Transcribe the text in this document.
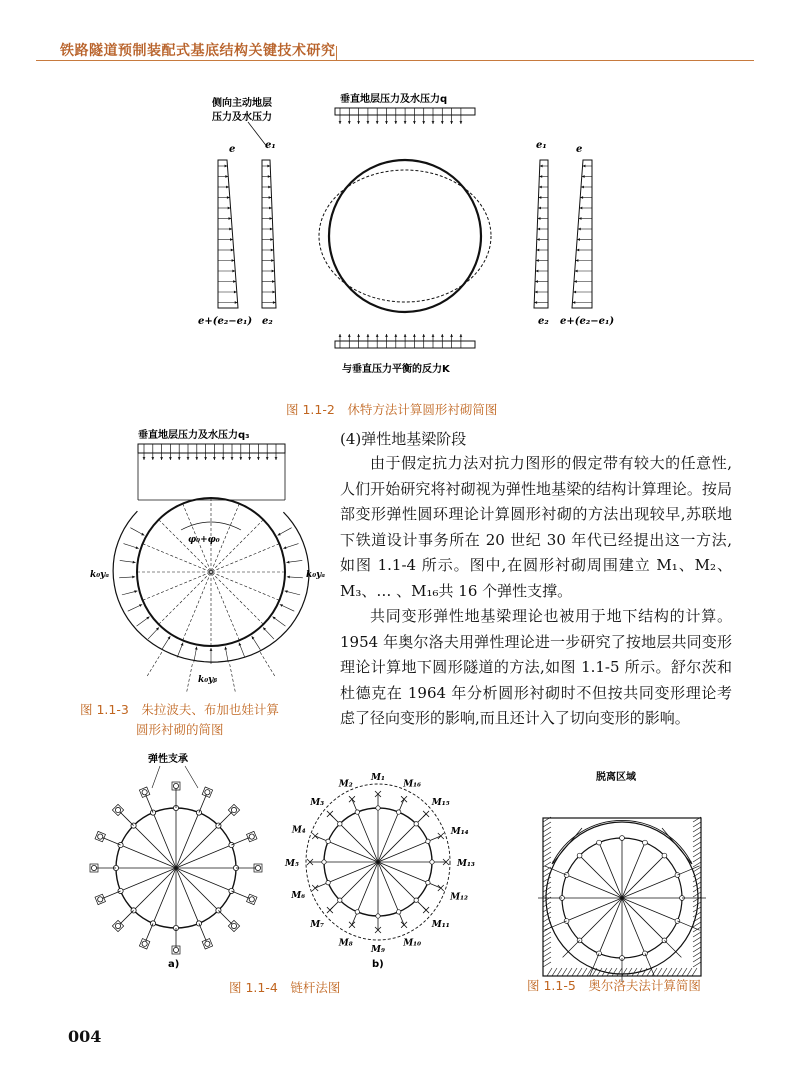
铁路隧道预制装配式基底结构关键技术研究
侧向主动地层
压力及水压力
垂直地层压力及水压力q
与垂直压力平衡的反力K
e	e₁
e+(e₂−e₁) e₂
e₁	e
e₂ e+(e₂−e₁)
图 1.1-2　休特方法计算圆形衬砌简图
垂直地层压力及水压力q₃
φ₀+φ₀
k₀yₐ	k₀yₐ
k₀yᵦ
图 1.1-3　朱拉波夫、布加也娃计算
圆形衬砌的简图
(4)弹性地基梁阶段

由于假定抗力法对抗力图形的假定带有较大的任意性,人们开始研究将衬砌视为弹性地基梁的结构计算理论。按局部变形弹性圆环理论计算圆形衬砌的方法出现较早,苏联地下铁道设计事务所在 20 世纪 30 年代已经提出这一方法,如图 1.1-4 所示。图中,在圆形衬砌周围建立 M₁、M₂、M₃、… 、M₁₆共 16 个弹性支撑。

共同变形弹性地基梁理论也被用于地下结构的计算。1954 年奥尔洛夫用弹性理论进一步研究了按地层共同变形理论计算地下圆形隧道的方法,如图 1.1-5 所示。舒尔茨和杜德克在 1964 年分析圆形衬砌时不但按共同变形理论考虑了径向变形的影响,而且还计入了切向变形的影响。

弹性支承
M₁
M₂
M₃
M₄
M₅
M₆
M₇
M₈
M₉
M₁₀
M₁₁
M₁₂
M₁₃
M₁₄
M₁₅
M₁₆
a)	b)
脱离区域
图 1.1-4　链杆法图	图 1.1-5　奥尔洛夫法计算简图
004
